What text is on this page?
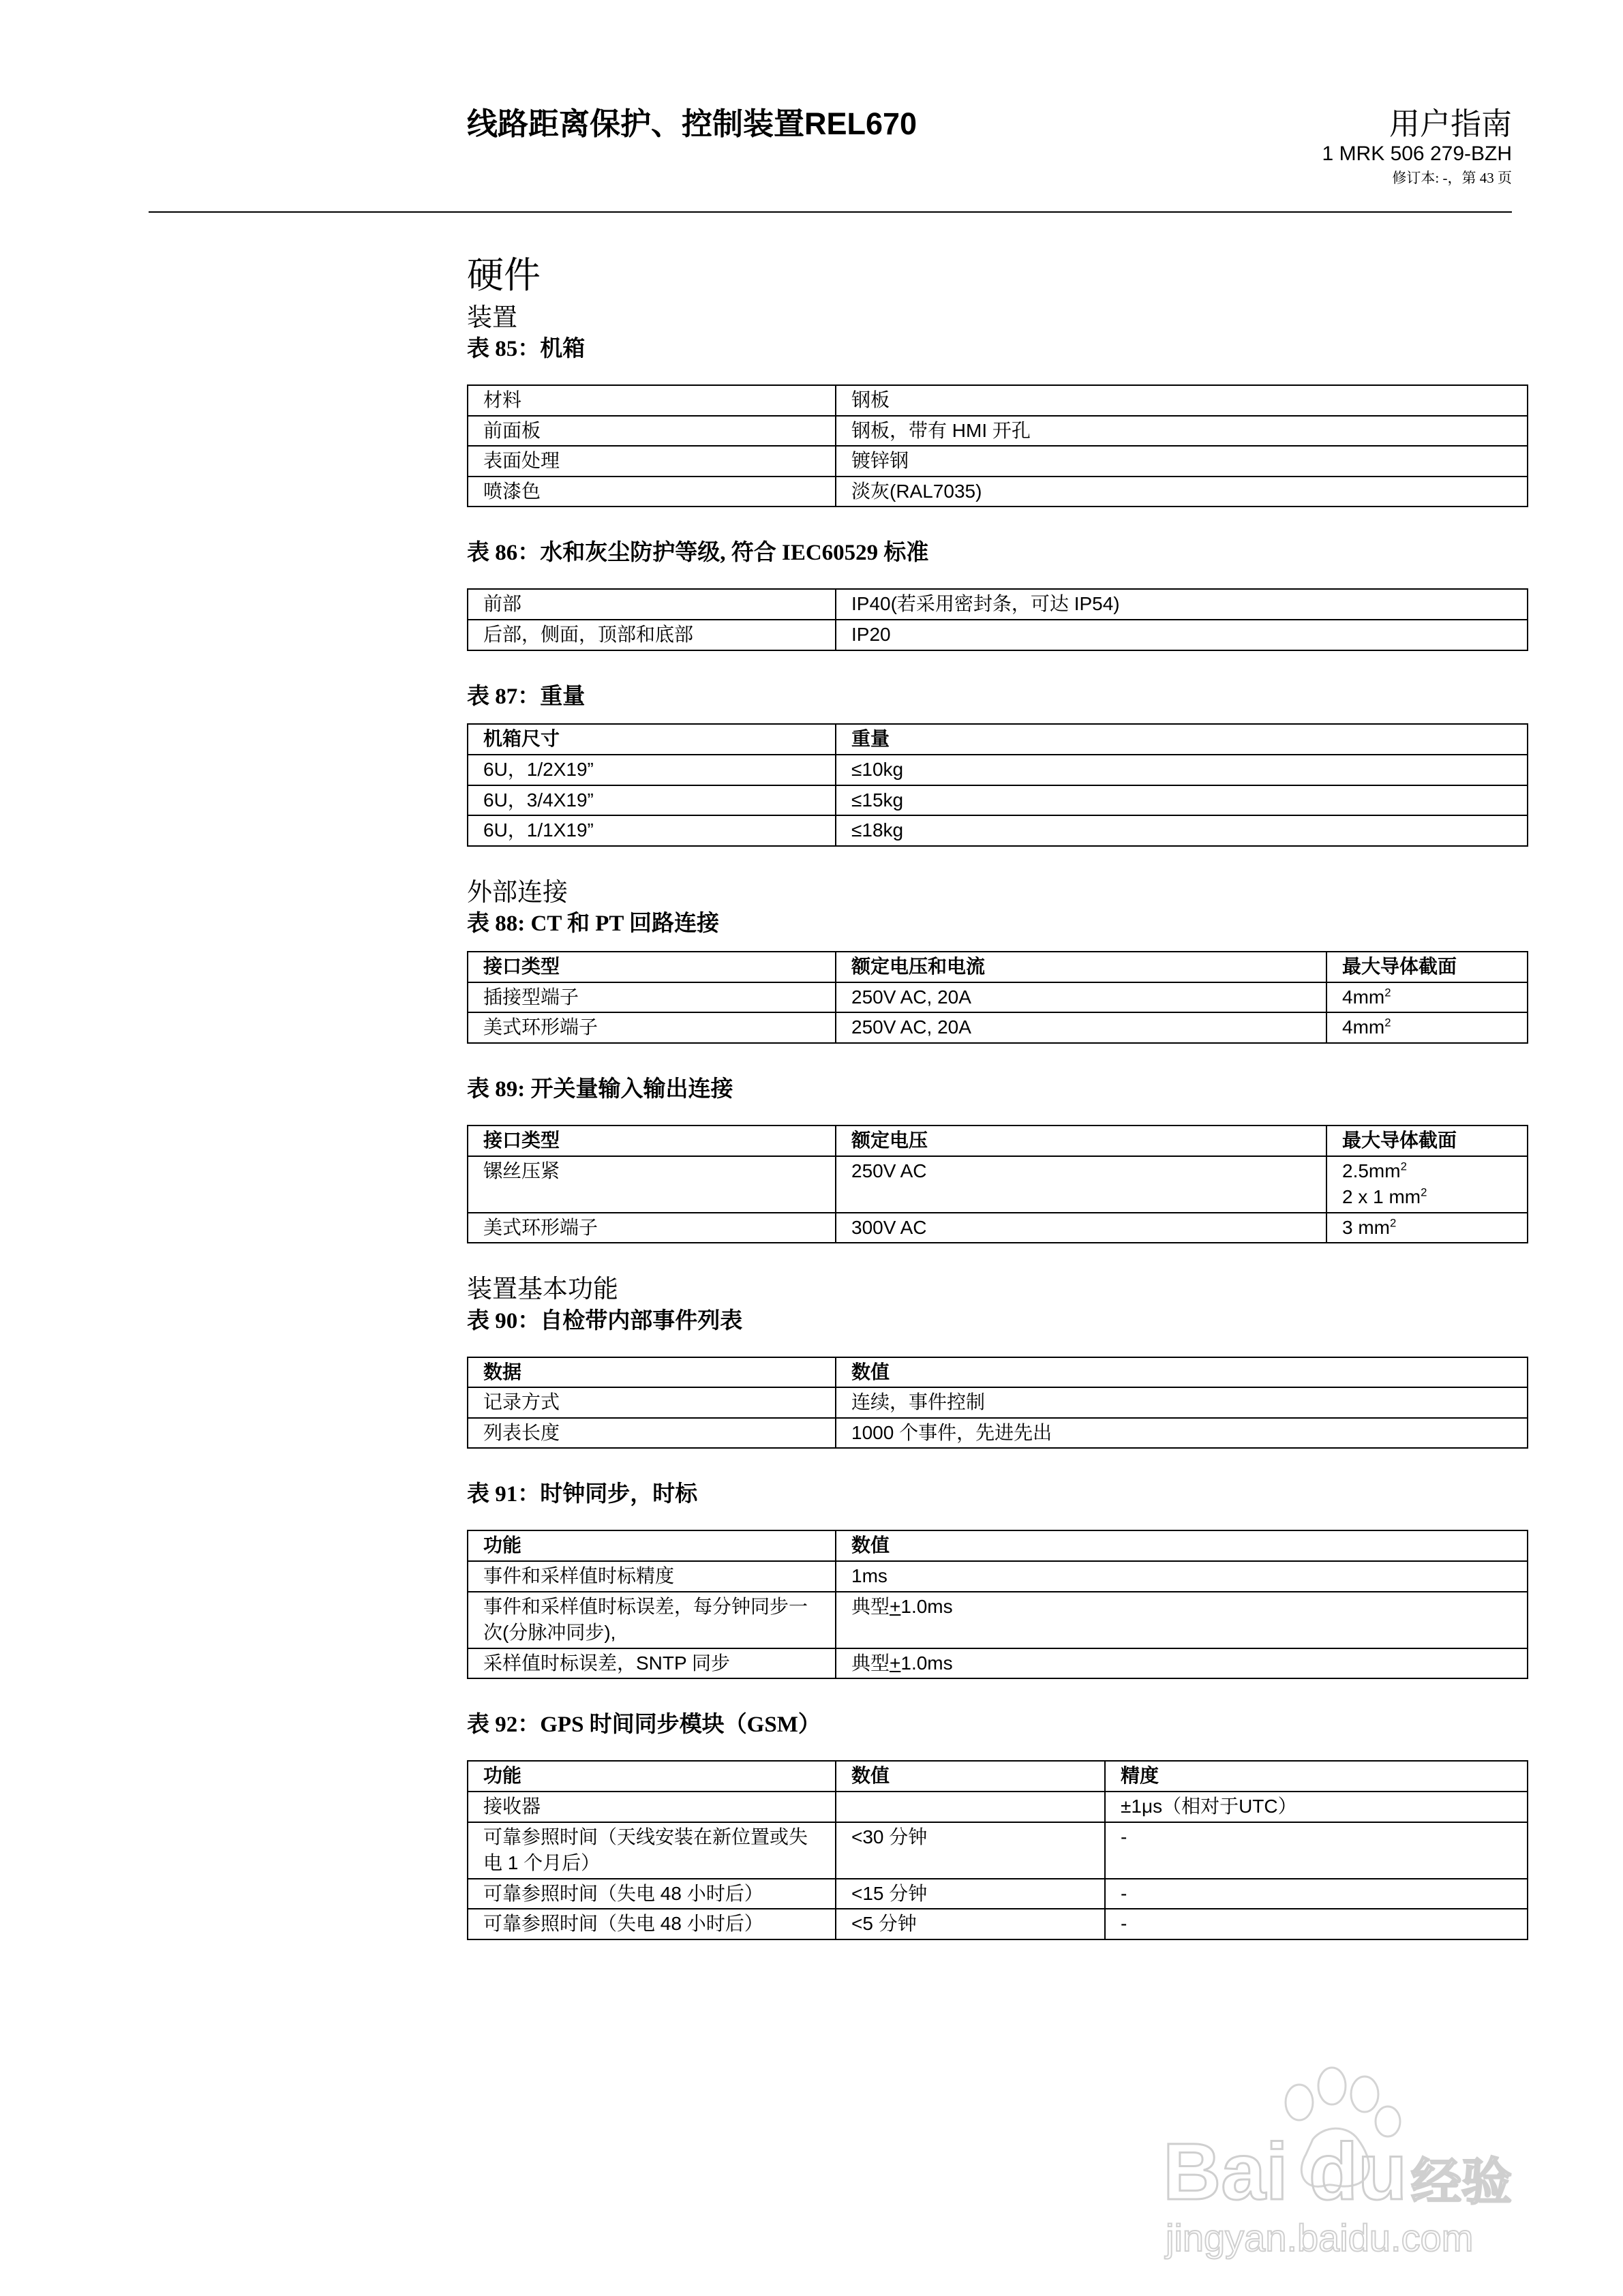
线路距离保护、控制装置REL670	用户指南
1 MRK 506 279-BZH
修订本: -，第 43 页
硬件
装置
表 85：机箱
材料	钢板
前面板	钢板，带有 HMI 开孔
表面处理	镀锌钢
喷漆色	淡灰(RAL7035)
表 86：水和灰尘防护等级, 符合 IEC60529 标准
前部	IP40(若采用密封条，可达 IP54)
后部，侧面，顶部和底部	IP20
表 87：重量
机箱尺寸	重量
6U，1/2X19”	≤10kg
6U，3/4X19”	≤15kg
6U，1/1X19”	≤18kg
外部连接
表 88: CT 和 PT 回路连接
接口类型	额定电压和电流	最大导体截面
插接型端子	250V AC, 20A	$4mm^2$
美式环形端子	250V AC, 20A	$4mm^2$
表 89: 开关量输入输出连接
接口类型	额定电压	最大导体截面
镙丝压紧	250V AC	$2.5mm^2$
2 x 1 $mm^2$

美式环形端子	300V AC	3 $mm^2$
装置基本功能
表 90：自检带内部事件列表
数据	数值
记录方式	连续，事件控制
列表长度	1000 个事件，先进先出
表 91：时钟同步，时标
功能	数值
事件和采样值时标精度	1ms
事件和采样值时标误差，每分钟同步一次(分脉冲同步),	典型+1.0ms
采样值时标误差，SNTP 同步	典型+1.0ms
表 92：GPS 时间同步模块（GSM）
功能	数值	精度
接收器		±1μs（相对于UTC）
可靠参照时间（天线安装在新位置或失电 1 个月后）	<30 分钟	-
可靠参照时间（失电 48 小时后）	<15 分钟	-
可靠参照时间（失电 48 小时后）	<5 分钟	-
Bai 经验
du
jingyan.baidu.com
